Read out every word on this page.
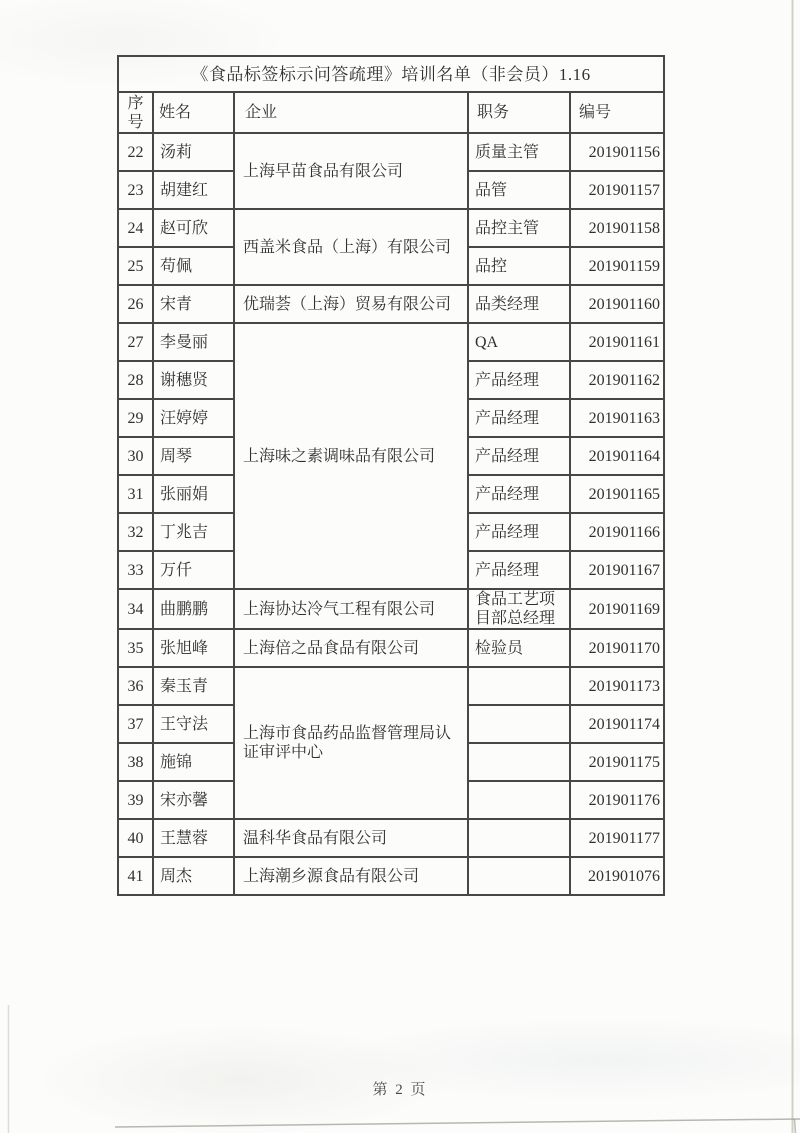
《食品标签标示问答疏理》培训名单（非会员）1.16				
序号	姓名	企业	职务	编号
22	汤莉	上海早苗食品有限公司	质量主管	201901156
23	胡建红		品管	201901157
24	赵可欣	西盖米食品（上海）有限公司	品控主管	201901158
25	苟佩		品控	201901159
26	宋青	优瑞荟（上海）贸易有限公司	品类经理	201901160
27	李曼丽	上海味之素调味品有限公司	QA	201901161
28	谢穗贤		产品经理	201901162
29	汪婷婷		产品经理	201901163
30	周琴		产品经理	201901164
31	张丽娟		产品经理	201901165
32	丁兆吉		产品经理	201901166
33	万仟		产品经理	201901167
34	曲鹏鹏	上海协达冷气工程有限公司	食品工艺项目部总经理	201901169
35	张旭峰	上海倍之品食品有限公司	检验员	201901170
36	秦玉青	上海市食品药品监督管理局认证审评中心		201901173
37	王守法			201901174
38	施锦			201901175
39	宋亦馨			201901176
40	王慧蓉	温科华食品有限公司		201901177
41	周杰	上海潮乡源食品有限公司		201901076
第 2 页
